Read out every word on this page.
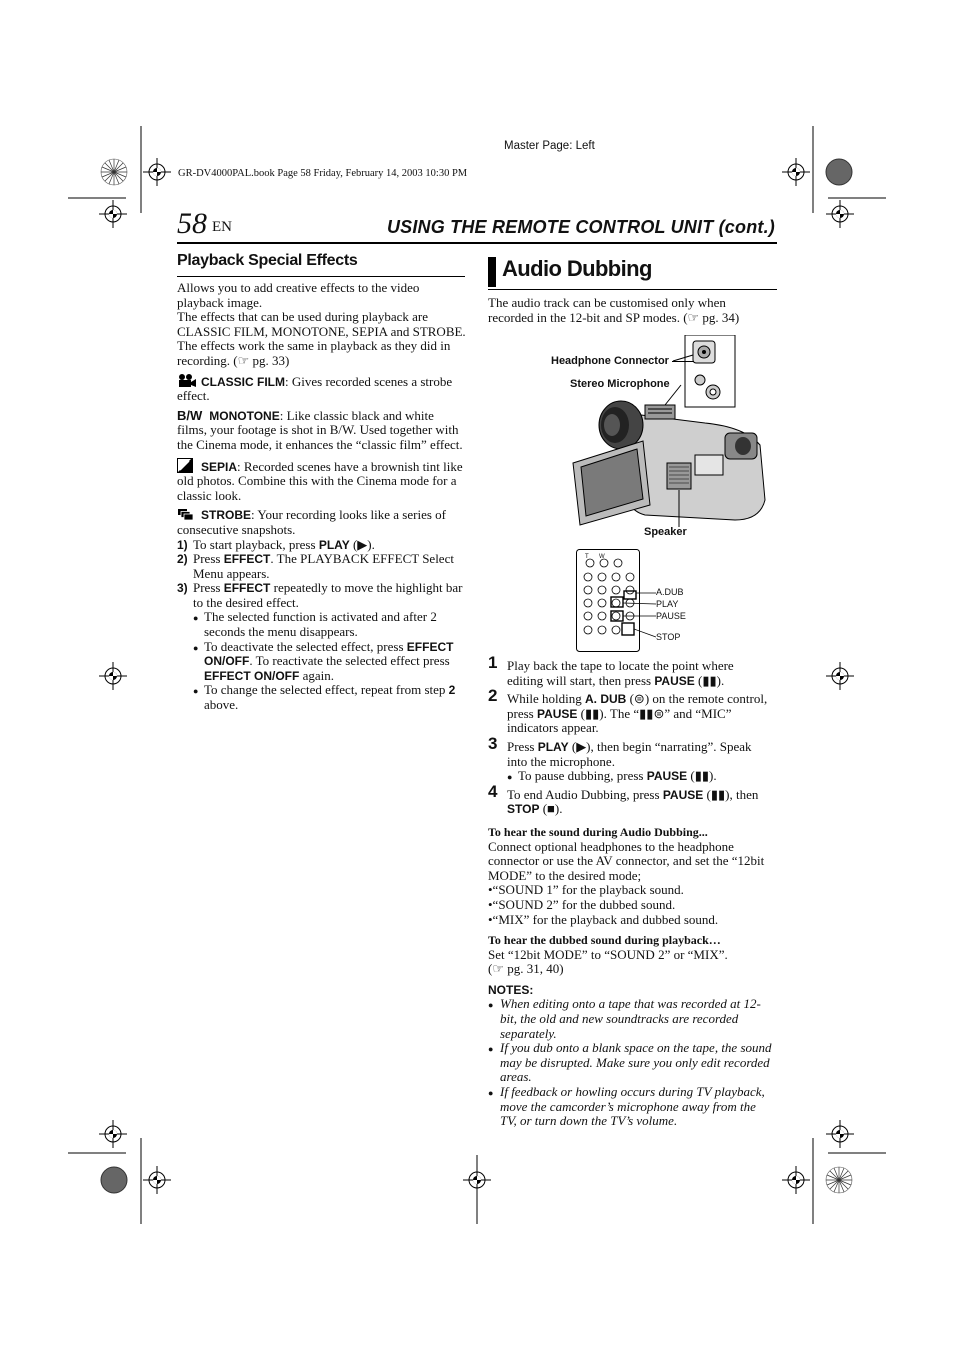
Master Page: Left
GR-DV4000PAL.book Page 58 Friday, February 14, 2003 10:30 PM
58 EN	USING THE REMOTE CONTROL UNIT (cont.)
Playback Special Effects

Allows you to add creative effects to the video playback image.

The effects that can be used during playback are CLASSIC FILM, MONOTONE, SEPIA and STROBE.

The effects work the same in playback as they did in recording. (☞ pg. 33)

CLASSIC FILM: Gives recorded scenes a strobe effect.

B/W MONOTONE: Like classic black and white films, your footage is shot in B/W. Used together with the Cinema mode, it enhances the “classic film” effect.

SEPIA: Recorded scenes have a brownish tint like old photos. Combine this with the Cinema mode for a classic look.

STROBE: Your recording looks like a series of consecutive snapshots.

1) To start playback, press PLAY (▶).
2) Press EFFECT. The PLAYBACK EFFECT Select Menu appears.
3) Press EFFECT repeatedly to move the highlight bar to the desired effect.
● The selected function is activated and after 2 seconds the menu disappears.
● To deactivate the selected effect, press EFFECT ON/OFF. To reactivate the selected effect press EFFECT ON/OFF again.
● To change the selected effect, repeat from step 2 above.
Audio Dubbing
The audio track can be customised only when recorded in the 12-bit and SP modes. (☞ pg. 34)
Headphone Connector
Stereo Microphone
Speaker
T W
A.DUB
PLAY
PAUSE
STOP
1 Play back the tape to locate the point where editing will start, then press PAUSE (▮▮).
2 While holding A. DUB (⊜) on the remote control, press PAUSE (▮▮). The “▮▮⊜” and “MIC” indicators appear.
3 Press PLAY (▶), then begin “narrating”. Speak into the microphone.
● To pause dubbing, press PAUSE (▮▮).
4 To end Audio Dubbing, press PAUSE (▮▮), then STOP (■).

To hear the sound during Audio Dubbing...

Connect optional headphones to the headphone connector or use the AV connector, and set the “12bit MODE” to the desired mode;

•“SOUND 1” for the playback sound.

•“SOUND 2” for the dubbed sound.

•“MIX” for the playback and dubbed sound.

To hear the dubbed sound during playback…

Set “12bit MODE” to “SOUND 2” or “MIX”.

(☞ pg. 31, 40)

NOTES:

● When editing onto a tape that was recorded at 12-bit, the old and new soundtracks are recorded separately.
● If you dub onto a blank space on the tape, the sound may be disrupted. Make sure you only edit recorded areas.
● If feedback or howling occurs during TV playback, move the camcorder’s microphone away from the TV, or turn down the TV’s volume.
